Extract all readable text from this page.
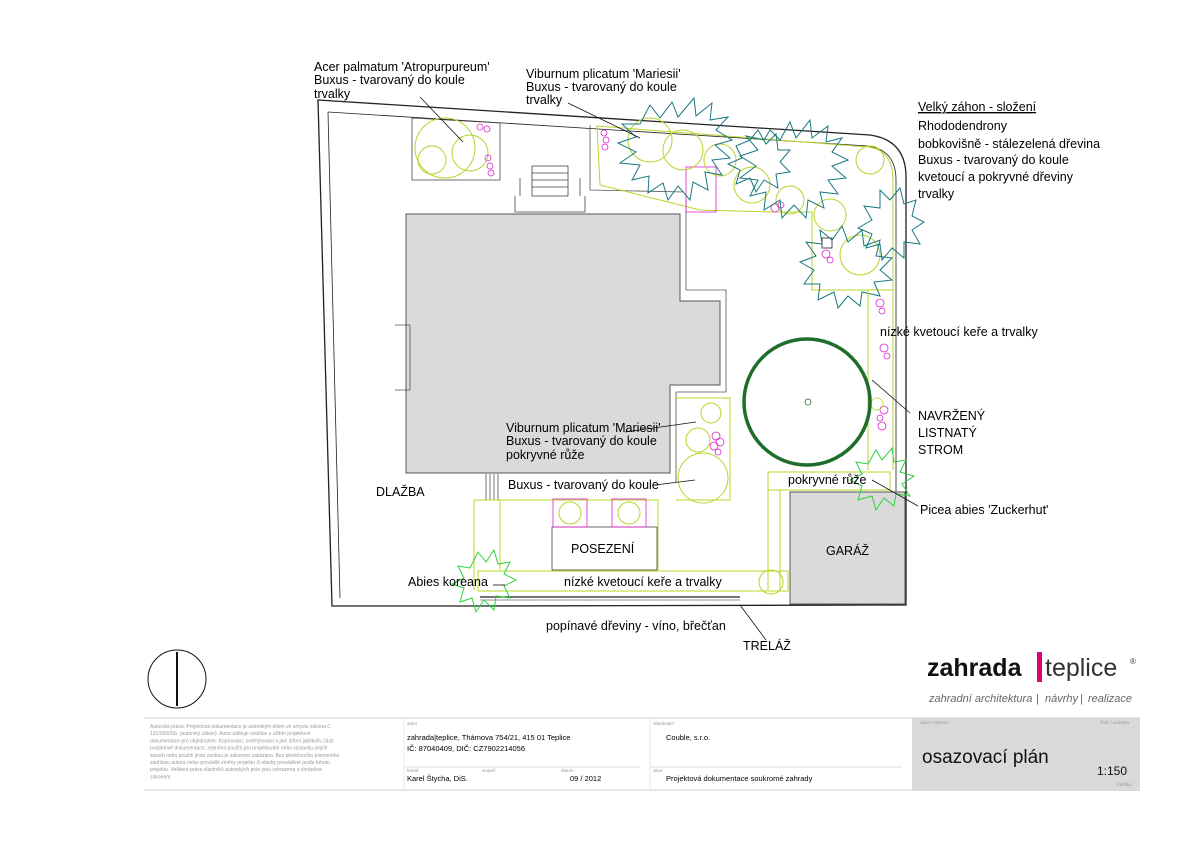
Acer palmatum 'Atropurpureum'
Buxus - tvarovaný do koule
trvalky
Viburnum plicatum 'Mariesii'
Buxus - tvarovaný do koule
trvalky	Velký záhon - složení
Rhododendrony
bobkovišně - stálezelená dřevina
Buxus - tvarovaný do koule
kvetoucí a pokryvné dřeviny
trvalky
nízké kvetoucí keře a trvalky
NAVRŽENÝ
LISTNATÝ
STROM
Viburnum plicatum 'Mariesii'
Buxus - tvarovaný do koule
pokryvné růže
Buxus - tvarovaný do koule	pokryvné růže
Picea abies 'Zuckerhut'
DLAŽBA
POSEZENÍ	GARÁŽ
Abies koreana	nízké kvetoucí keře a trvalky
popínavé dřeviny - víno, břečťan
TRELÁŽ
zahrada teplice ®
zahradní architektura | návrhy | realizace
Autorská práva: Projektová dokumentace je autorským dílem ve smyslu zákona č.
121/2000Sb. (autorský zákon). Autor uděluje souhlas s užitím projektové
dokumentace pro objednatele. Kopírování, zveřejňování a jiné šíření jakékoliv části
projektové dokumentace, zejména použití pro projektování nebo výstavbu jiných
staveb nebo použití jinou osobou je zákonem zakázáno. Bez předchozího písemného
souhlasu autora nelze provádět změny projektu či stavby prováděné podle tohoto
projektu. Veškerá práva vlastníků autorských práv jsou vyhrazena a chráněna
zákonem.
autor
zahrada|teplice, Thámova 754/21, 415 01 Teplice
IČ: 87040409, DIČ: CZ7902214056
kreslil	stupeň	datum
Karel Štycha, DiS.	09 / 2012
objednatel
Couble, s.r.o.
akce
Projektová dokumentace soukromé zahrady
název výkresu	číslo / varianta
osazovací plán
1:150
měřítko
